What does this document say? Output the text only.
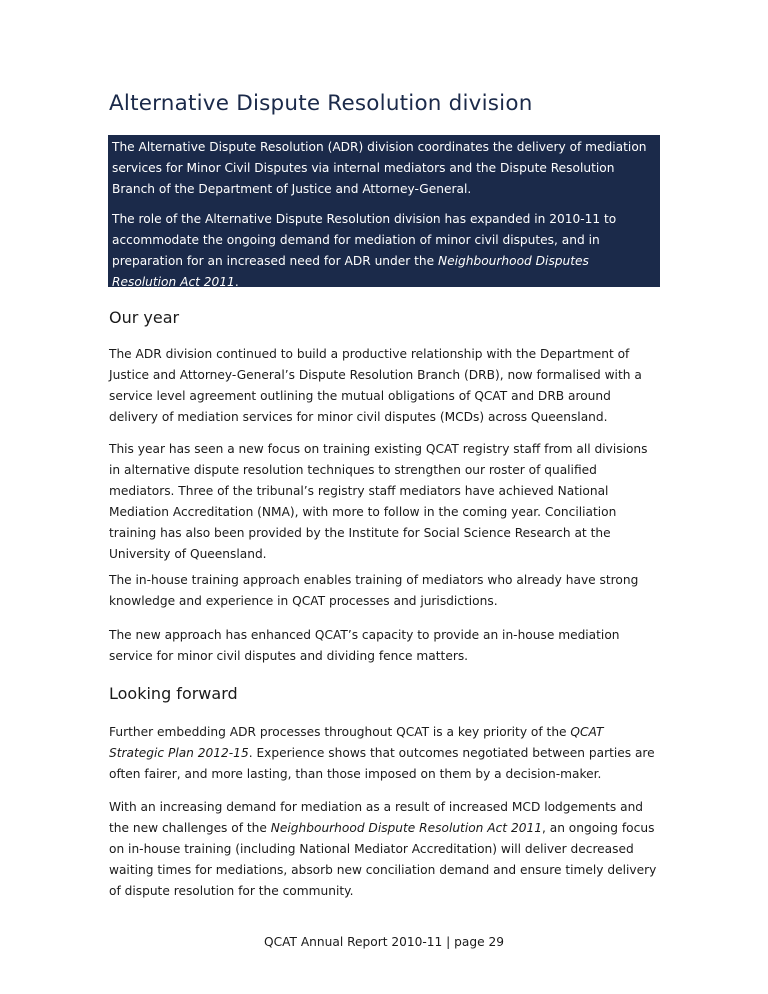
Alternative Dispute Resolution division

The Alternative Dispute Resolution (ADR) division coordinates the delivery of mediation services for Minor Civil Disputes via internal mediators and the Dispute Resolution Branch of the Department of Justice and Attorney-General.

The role of the Alternative Dispute Resolution division has expanded in 2010-11 to accommodate the ongoing demand for mediation of minor civil disputes, and in preparation for an increased need for ADR under the Neighbourhood Disputes Resolution Act 2011.

Our year

The ADR division continued to build a productive relationship with the Department of Justice and Attorney-General’s Dispute Resolution Branch (DRB), now formalised with a service level agreement outlining the mutual obligations of QCAT and DRB around delivery of mediation services for minor civil disputes (MCDs) across Queensland.

This year has seen a new focus on training existing QCAT registry staff from all divisions in alternative dispute resolution techniques to strengthen our roster of qualified mediators. Three of the tribunal’s registry staff mediators have achieved National Mediation Accreditation (NMA), with more to follow in the coming year. Conciliation training has also been provided by the Institute for Social Science Research at the University of Queensland.

The in-house training approach enables training of mediators who already have strong knowledge and experience in QCAT processes and jurisdictions.

The new approach has enhanced QCAT’s capacity to provide an in-house mediation service for minor civil disputes and dividing fence matters.

Looking forward

Further embedding ADR processes throughout QCAT is a key priority of the QCAT Strategic Plan 2012-15. Experience shows that outcomes negotiated between parties are often fairer, and more lasting, than those imposed on them by a decision-maker.

With an increasing demand for mediation as a result of increased MCD lodgements and the new challenges of the Neighbourhood Dispute Resolution Act 2011, an ongoing focus on in-house training (including National Mediator Accreditation) will deliver decreased waiting times for mediations, absorb new conciliation demand and ensure timely delivery of dispute resolution for the community.

QCAT Annual Report 2010-11 | page 29
